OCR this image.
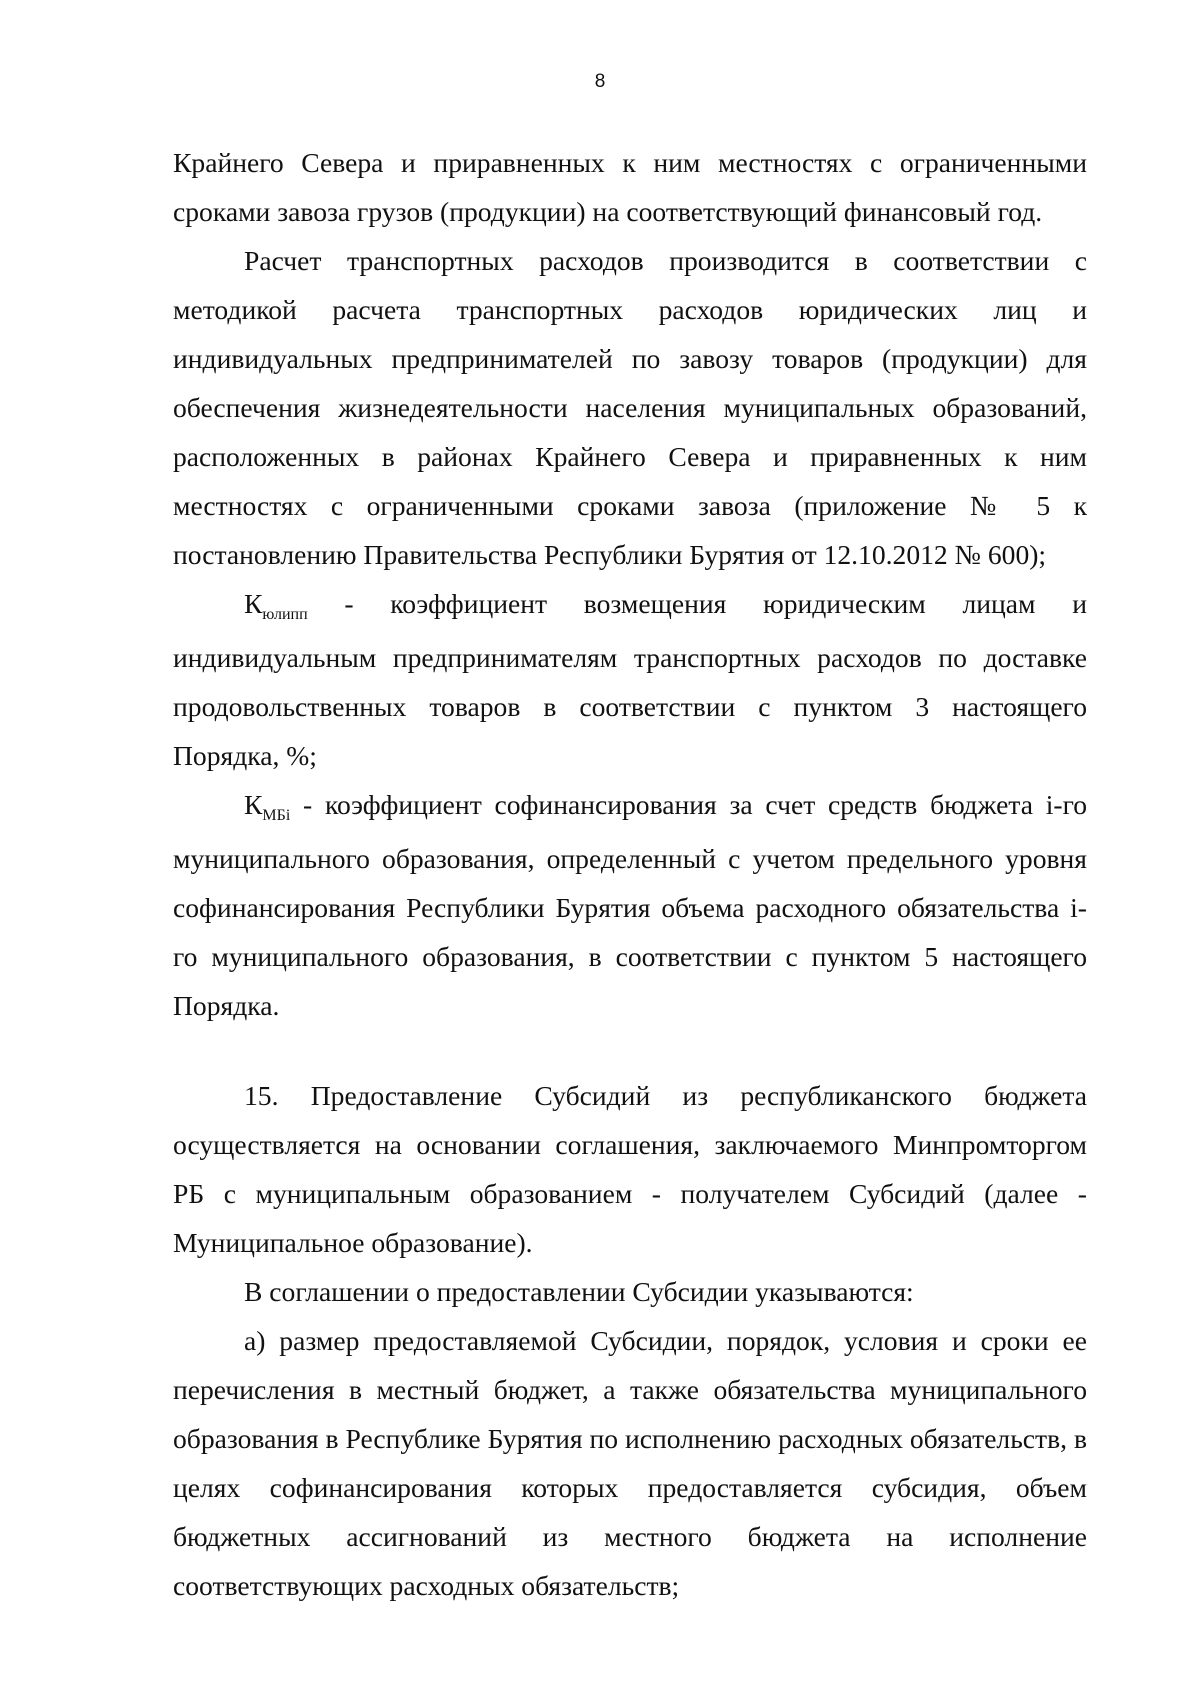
8

Крайнего Севера и приравненных к ним местностях с ограниченными сроками завоза грузов (продукции) на соответствующий финансовый год.

Расчет транспортных расходов производится в соответствии с методикой расчета транспортных расходов юридических лиц и индивидуальных предпринимателей по завозу товаров (продукции) для обеспечения жизнедеятельности населения муниципальных образований, расположенных в районах Крайнего Севера и приравненных к ним местностях с ограниченными сроками завоза (приложение № 5 к постановлению Правительства Республики Бурятия от 12.10.2012 № 600);

$К_{юлипп}$ - коэффициент возмещения юридическим лицам и индивидуальным предпринимателям транспортных расходов по доставке продовольственных товаров в соответствии с пунктом 3 настоящего Порядка, %;

$К_{МБi}$ - коэффициент софинансирования за счет средств бюджета i-го муниципального образования, определенный с учетом предельного уровня софинансирования Республики Бурятия объема расходного обязательства i-го муниципального образования, в соответствии с пунктом 5 настоящего Порядка.

15. Предоставление Субсидий из республиканского бюджета осуществляется на основании соглашения, заключаемого Минпромторгом РБ с муниципальным образованием - получателем Субсидий (далее - Муниципальное образование).

В соглашении о предоставлении Субсидии указываются:

а) размер предоставляемой Субсидии, порядок, условия и сроки ее перечисления в местный бюджет, а также обязательства муниципального образования в Республике Бурятия по исполнению расходных обязательств, в целях софинансирования которых предоставляется субсидия, объем бюджетных ассигнований из местного бюджета на исполнение соответствующих расходных обязательств;
